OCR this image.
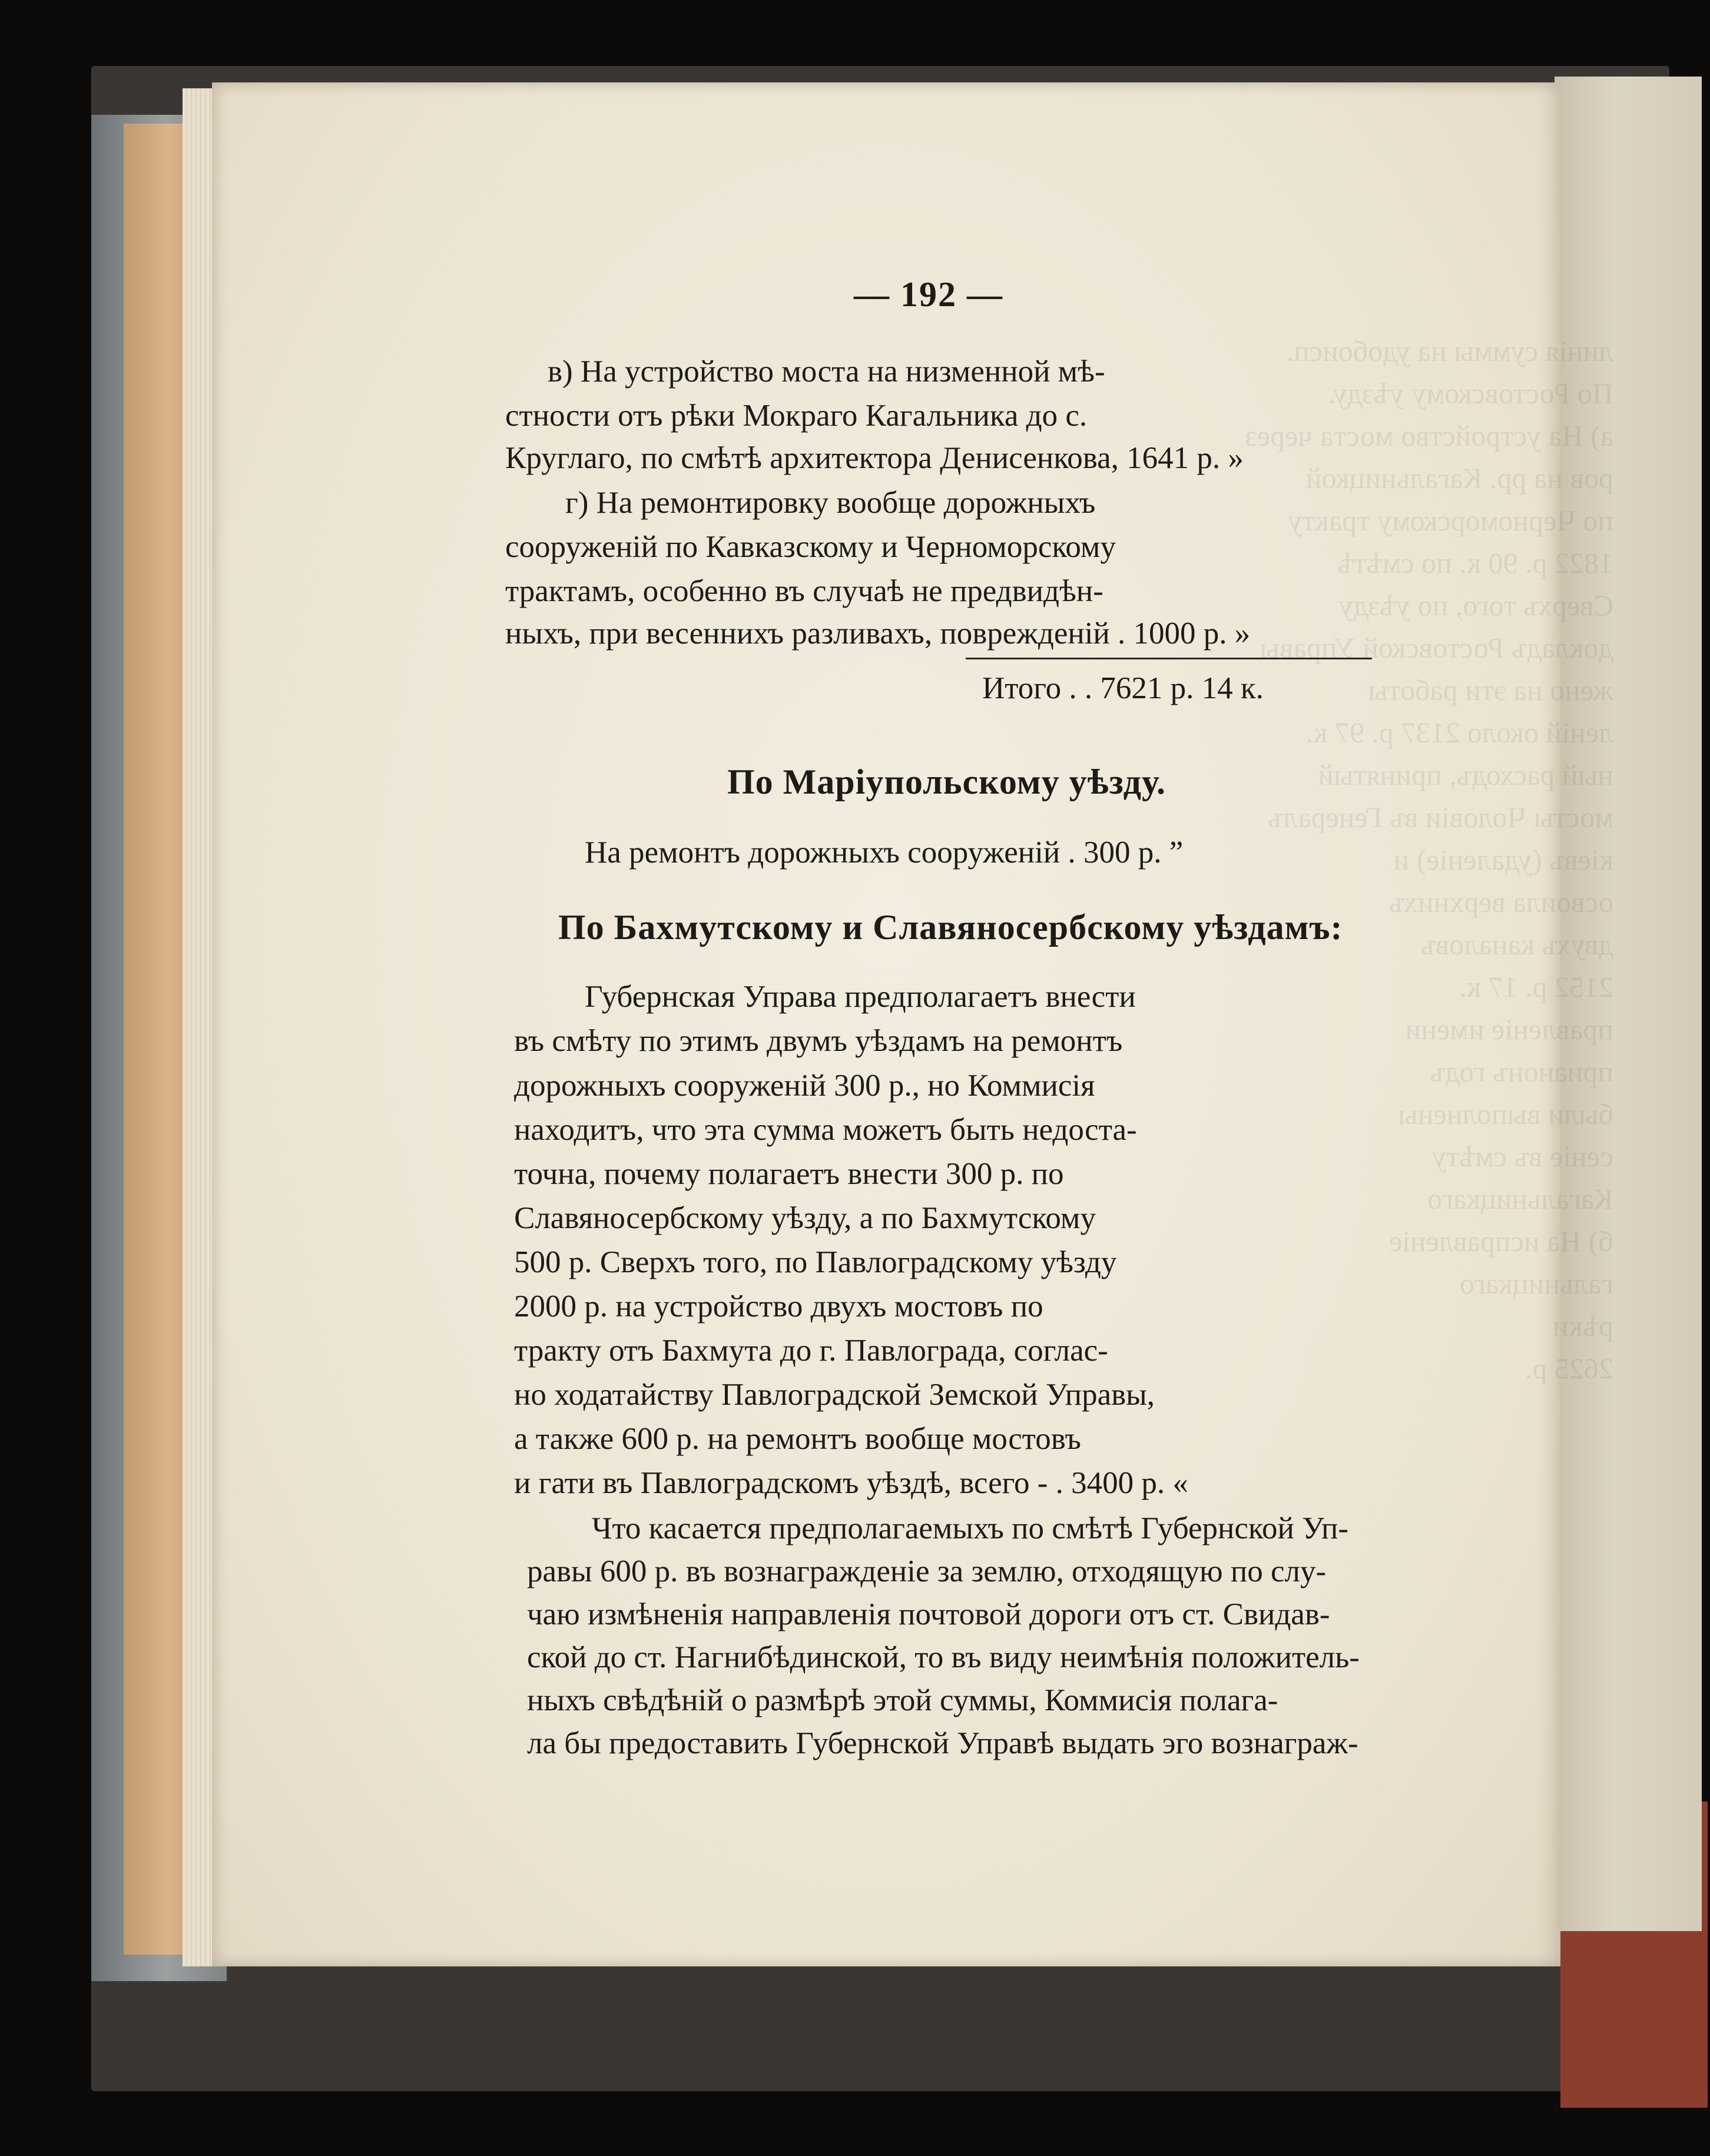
суммы на удобоисп.
Ростовскому уѣзду.
устройство моста через
на рр. Кагальницкой
Черноморскому тракту
р. 90 к. по смѣтѣ
того, по уѣзду
Ростовской Управы
на эти работы
около 2137 р. 97 к.
расходъ, принятый
Чоловіи въ Генералъ
(удаленіе) и
верхнихъ
каналовъ
р. 17 к.
правленіе имени
прианонъ годъ
выполнены
въ смѣту
Кагальницкаго
исправленіе
гальницкаго

р.
— 192 —
в) На устройство моста на низменной мѣ-
стности отъ рѣки Мокраго Кагальника до с.
Круглаго, по смѣтѣ архитектора Денисенкова, 1641 р. »
г) На ремонтировку вообще дорожныхъ
сооруженій по Кавказскому и Черноморскому
трактамъ, особенно въ случаѣ не предвидѣн-
ныхъ, при весеннихъ разливахъ, поврежденій . 1000 р. »
Итого . . 7621 р. 14 к.
По Маріупольскому уѣзду.
На ремонтъ дорожныхъ сооруженій . 300 р. ”
По Бахмутскому и Славяносербскому уѣздамъ:
Губернская Управа предполагаетъ внести
въ смѣту по этимъ двумъ уѣздамъ на ремонтъ
дорожныхъ сооруженій 300 р., но Коммисія
находитъ, что эта сумма можетъ быть недоста-
точна, почему полагаетъ внести 300 р. по
Славяносербскому уѣзду, а по Бахмутскому
500 р. Сверхъ того, по Павлоградскому уѣзду
2000 р. на устройство двухъ мостовъ по
тракту отъ Бахмута до г. Павлограда, соглас-
но ходатайству Павлоградской Земской Управы,
а также 600 р. на ремонтъ вообще мостовъ
и гати въ Павлоградскомъ уѣздѣ, всего - . 3400 р. «
Что касается предполагаемыхъ по смѣтѣ Губернской Уп-
равы 600 р. въ вознагражденіе за землю, отходящую по слу-
чаю измѣненія направленія почтовой дороги отъ ст. Свидав-
ской до ст. Нагнибѣдинской, то въ виду неимѣнія положитель-
ныхъ свѣдѣній о размѣрѣ этой суммы, Коммисія полага-
ла бы предоставить Губернской Управѣ выдать эго вознаграж-
